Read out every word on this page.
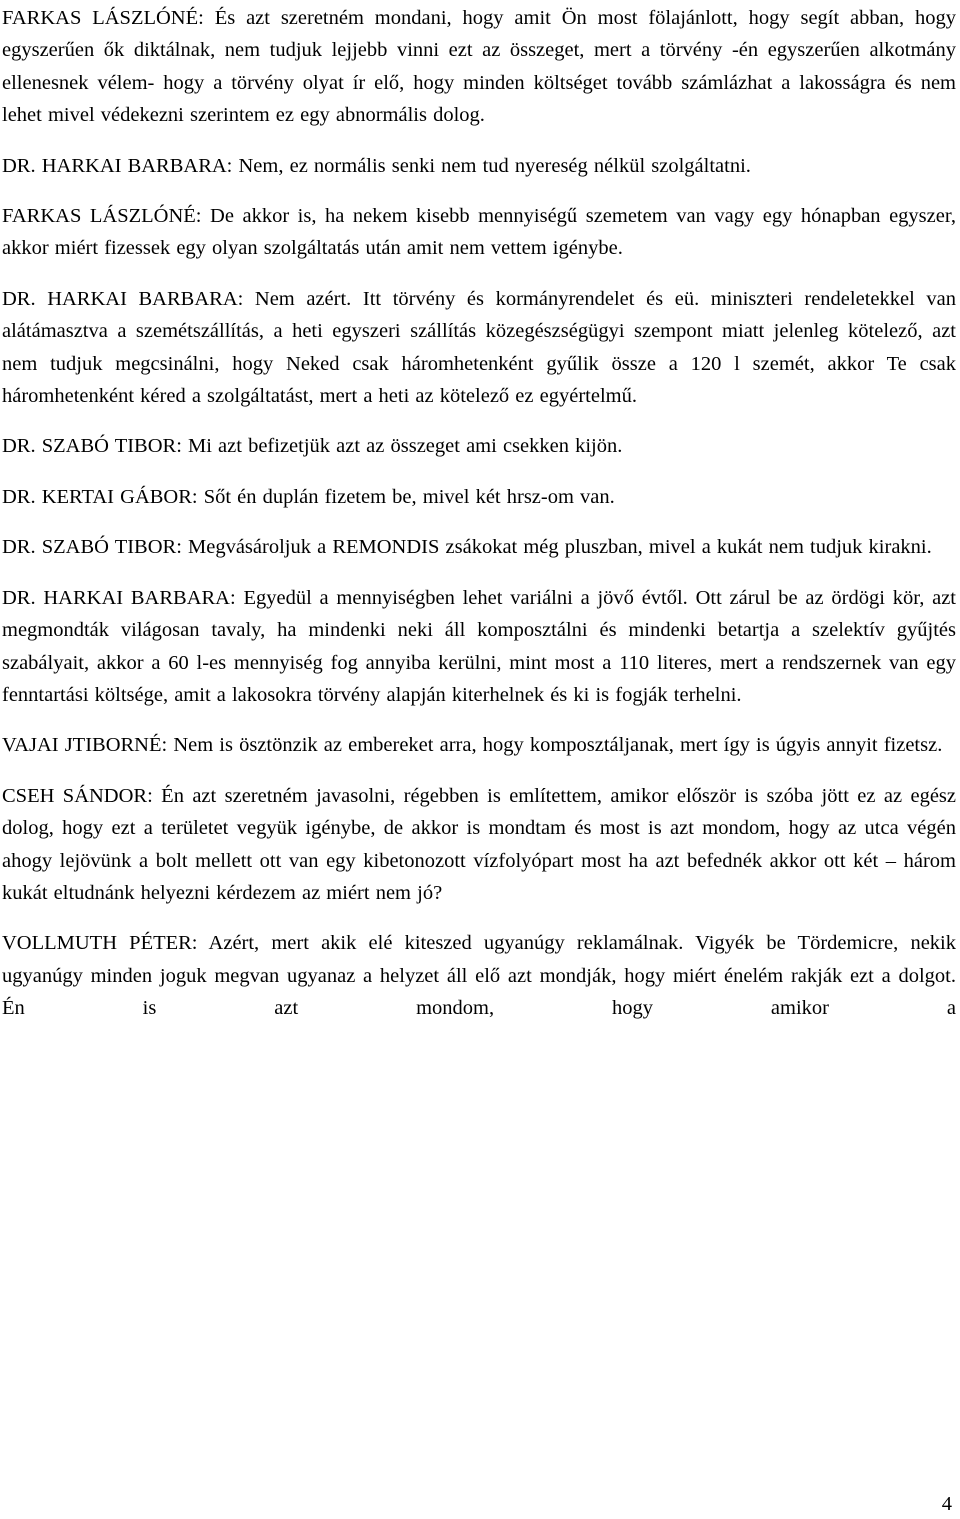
FARKAS LÁSZLÓNÉ: És azt szeretném mondani, hogy amit Ön most fölajánlott, hogy segít abban, hogy egyszerűen ők diktálnak, nem tudjuk lejjebb vinni ezt az összeget, mert a törvény -én egyszerűen alkotmány ellenesnek vélem- hogy a törvény olyat ír elő, hogy minden költséget tovább számlázhat a lakosságra és nem lehet mivel védekezni szerintem ez egy abnormális dolog.

DR. HARKAI BARBARA: Nem, ez normális senki nem tud nyereség nélkül szolgáltatni.

FARKAS LÁSZLÓNÉ: De akkor is, ha nekem kisebb mennyiségű szemetem van vagy egy hónapban egyszer, akkor miért fizessek egy olyan szolgáltatás után amit nem vettem igénybe.

DR. HARKAI BARBARA: Nem azért. Itt törvény és kormányrendelet és eü. miniszteri rendeletekkel van alátámasztva a szemétszállítás, a heti egyszeri szállítás közegészségügyi szempont miatt jelenleg kötelező, azt nem tudjuk megcsinálni, hogy Neked csak háromhetenként gyűlik össze a 120 l szemét, akkor Te csak háromhetenként kéred a szolgáltatást, mert a heti az kötelező ez egyértelmű.

DR. SZABÓ TIBOR: Mi azt befizetjük azt az összeget ami csekken kijön.

DR. KERTAI GÁBOR: Sőt én duplán fizetem be, mivel két hrsz-om van.

DR. SZABÓ TIBOR: Megvásároljuk a REMONDIS zsákokat még pluszban, mivel a kukát nem tudjuk kirakni.

DR. HARKAI BARBARA: Egyedül a mennyiségben lehet variálni a jövő évtől. Ott zárul be az ördögi kör, azt megmondták világosan tavaly, ha mindenki neki áll komposztálni és mindenki betartja a szelektív gyűjtés szabályait, akkor a 60 l-es mennyiség fog annyiba kerülni, mint most a 110 literes, mert a rendszernek van egy fenntartási költsége, amit a lakosokra törvény alapján kiterhelnek és ki is fogják terhelni.

VAJAI JTIBORNÉ: Nem is ösztönzik az embereket arra, hogy komposztáljanak, mert így is úgyis annyit fizetsz.

CSEH SÁNDOR: Én azt szeretném javasolni, régebben is említettem, amikor először is szóba jött ez az egész dolog, hogy ezt a területet vegyük igénybe, de akkor is mondtam és most is azt mondom, hogy az utca végén ahogy lejövünk a bolt mellett ott van egy kibetonozott vízfolyópart most ha azt befednék akkor ott két – három kukát eltudnánk helyezni kérdezem az miért nem jó?

VOLLMUTH PÉTER: Azért, mert akik elé kiteszed ugyanúgy reklamálnak. Vigyék be Tördemicre, nekik ugyanúgy minden joguk megvan ugyanaz a helyzet áll elő azt mondják, hogy miért énelém rakják ezt a dolgot. Én is azt mondom, hogy amikor a

4
